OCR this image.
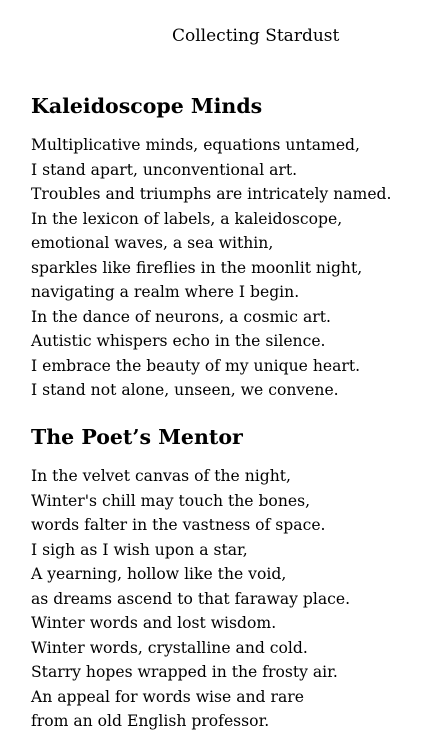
Collecting Stardust
Kaleidoscope Minds
Multiplicative minds, equations untamed,
I stand apart, unconventional art.
Troubles and triumphs are intricately named.
In the lexicon of labels, a kaleidoscope,
emotional waves, a sea within,
sparkles like fireflies in the moonlit night,
navigating a realm where I begin.
In the dance of neurons, a cosmic art.
Autistic whispers echo in the silence.
I embrace the beauty of my unique heart.
I stand not alone, unseen, we convene.
The Poet’s Mentor
In the velvet canvas of the night,
Winter's chill may touch the bones,
words falter in the vastness of space.
I sigh as I wish upon a star,
A yearning, hollow like the void,
as dreams ascend to that faraway place.
Winter words and lost wisdom.
Winter words, crystalline and cold.
Starry hopes wrapped in the frosty air.
An appeal for words wise and rare
from an old English professor.
